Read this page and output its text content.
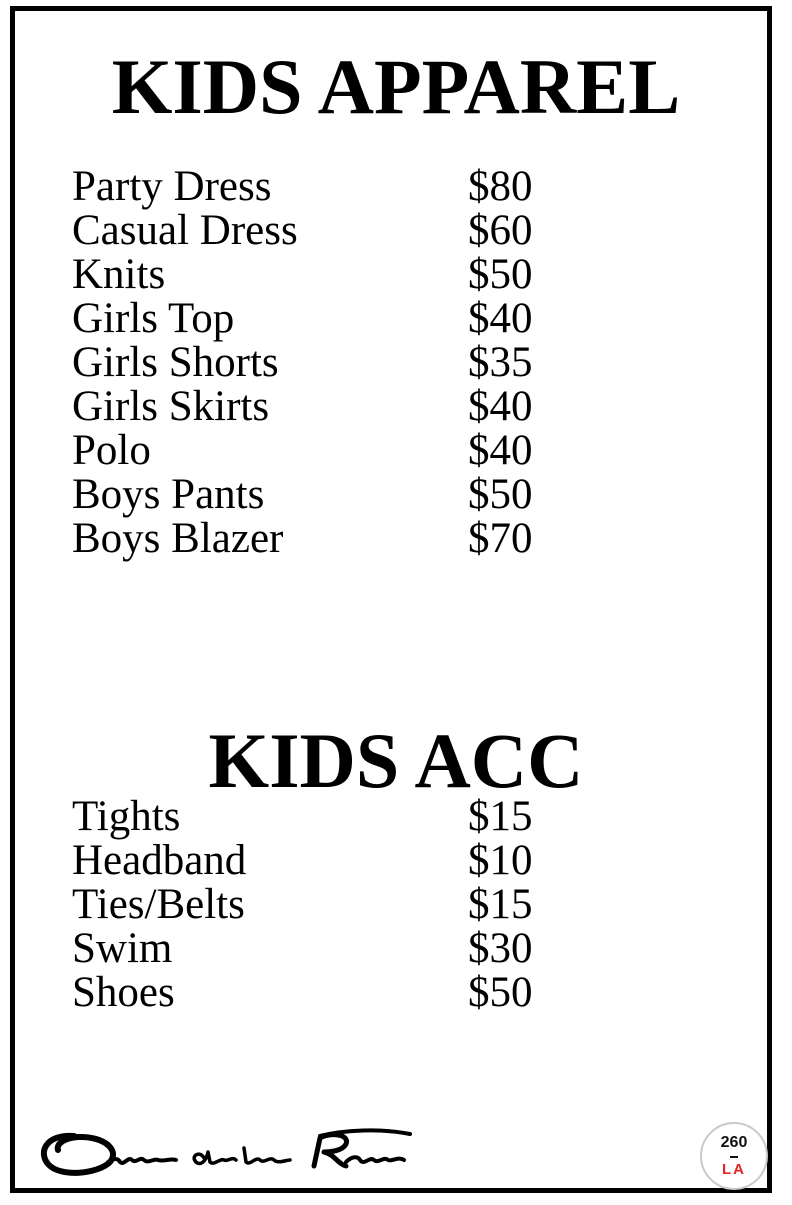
KIDS APPAREL
Party Dress	$80
Casual Dress	$60
Knits	$50
Girls Top	$40
Girls Shorts	$35
Girls Skirts	$40
Polo	$40
Boys Pants	$50
Boys Blazer	$70
KIDS ACC
Tights	$15
Headband	$10
Ties/Belts	$15
Swim	$30
Shoes	$50
260
LA
